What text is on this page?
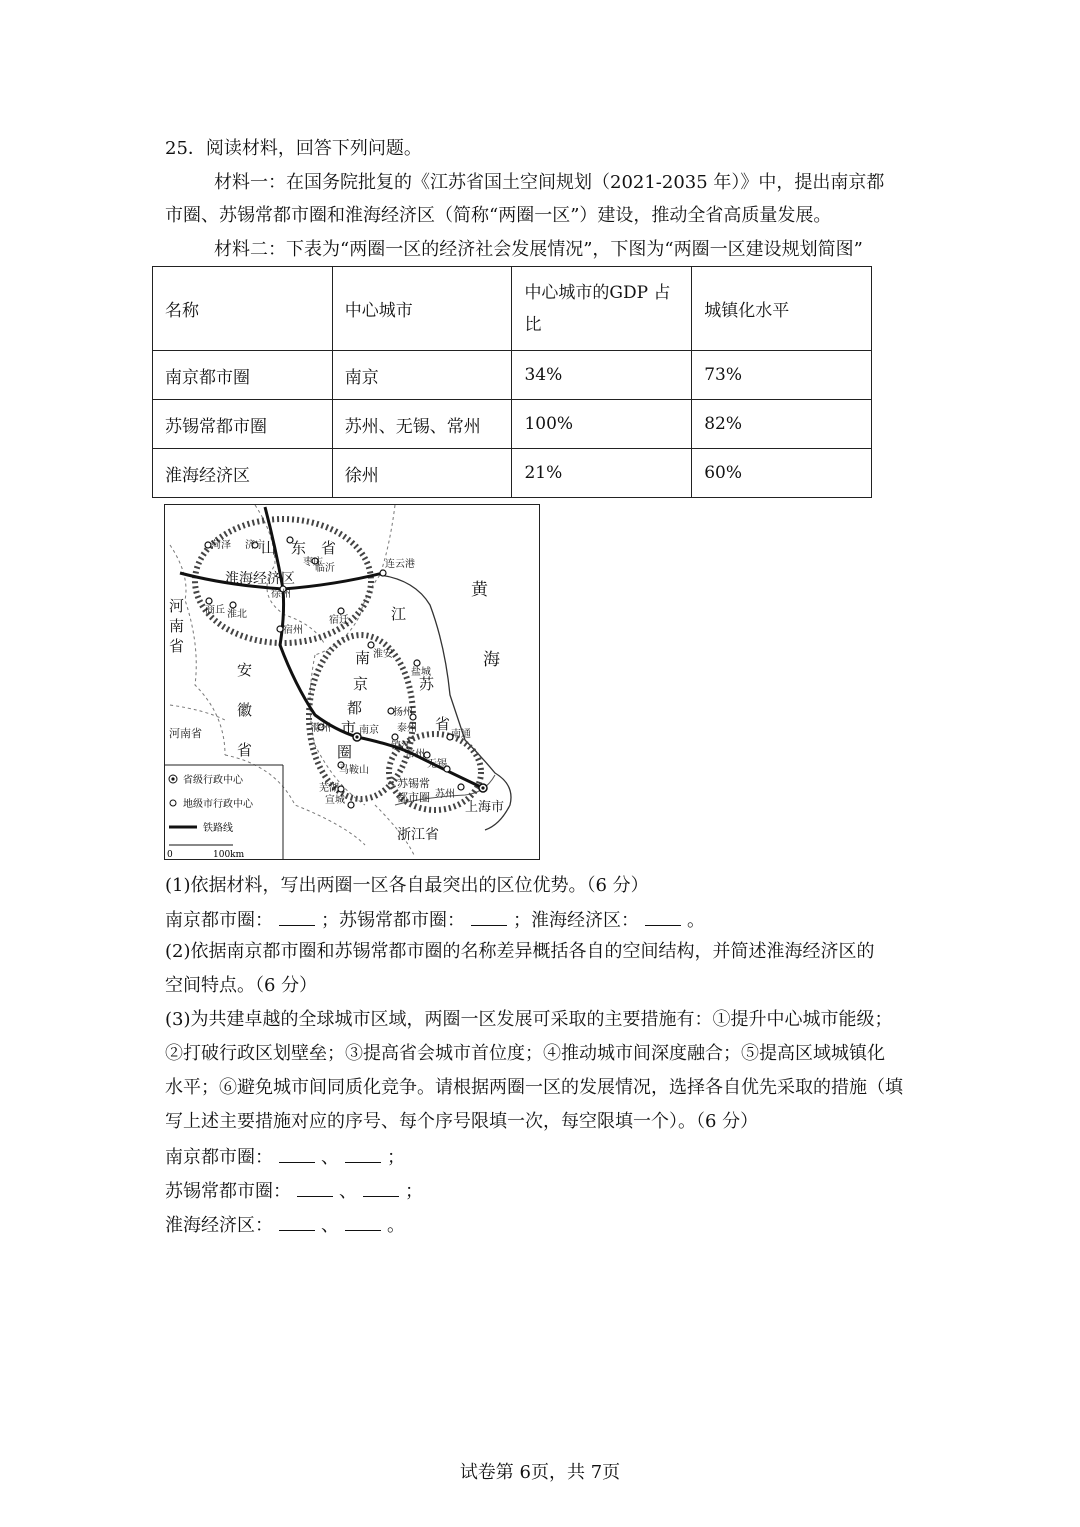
25．阅读材料，回答下列问题。
材料一：在国务院批复的《江苏省国土空间规划（2021-2035 年）》中，提出南京都
市圈、苏锡常都市圈和淮海经济区（简称“两圈一区”）建设，推动全省高质量发展。
材料二：下表为“两圈一区的经济社会发展情况”，下图为“两圈一区建设规划简图”
名称	中心城市	中心城市的GDP 占比	城镇化水平
南京都市圈	南京	34%	73%
苏锡常都市圈	苏州、无锡、常州	100%	82%
淮海经济区	徐州	21%	60%
菏泽 济宁
枣庄
临沂	连云港
徐州
商丘 淮北
宿迁
宿州
淮安
盐城
扬州
泰州
滁州	南京
镇江
南通
常州
无锡
马鞍山
芜湖
苏州
宣城
河南省
山　东　省
淮海经济区
河
南
省
江
苏
省
黄
海
安
徽
省
南
京
都
市
圈
苏锡常
都市圈
上海市
浙江省
省级行政中心
地级市行政中心
铁路线
0	100km
(1)依据材料，写出两圈一区各自最突出的区位优势。（6 分）
南京都市圈：	；苏锡常都市圈：	；淮海经济区：	。
(2)依据南京都市圈和苏锡常都市圈的名称差异概括各自的空间结构，并简述淮海经济区的
空间特点。（6 分）
(3)为共建卓越的全球城市区域，两圈一区发展可采取的主要措施有：①提升中心城市能级；
②打破行政区划壁垒；③提高省会城市首位度；④推动城市间深度融合；⑤提高区域城镇化
水平；⑥避免城市间同质化竞争。请根据两圈一区的发展情况，选择各自优先采取的措施（填
写上述主要措施对应的序号、每个序号限填一次，每空限填一个）。（6 分）
南京都市圈：	、	；
苏锡常都市圈：	、	；
淮海经济区：	、	。
试卷第 6页，共 7页
